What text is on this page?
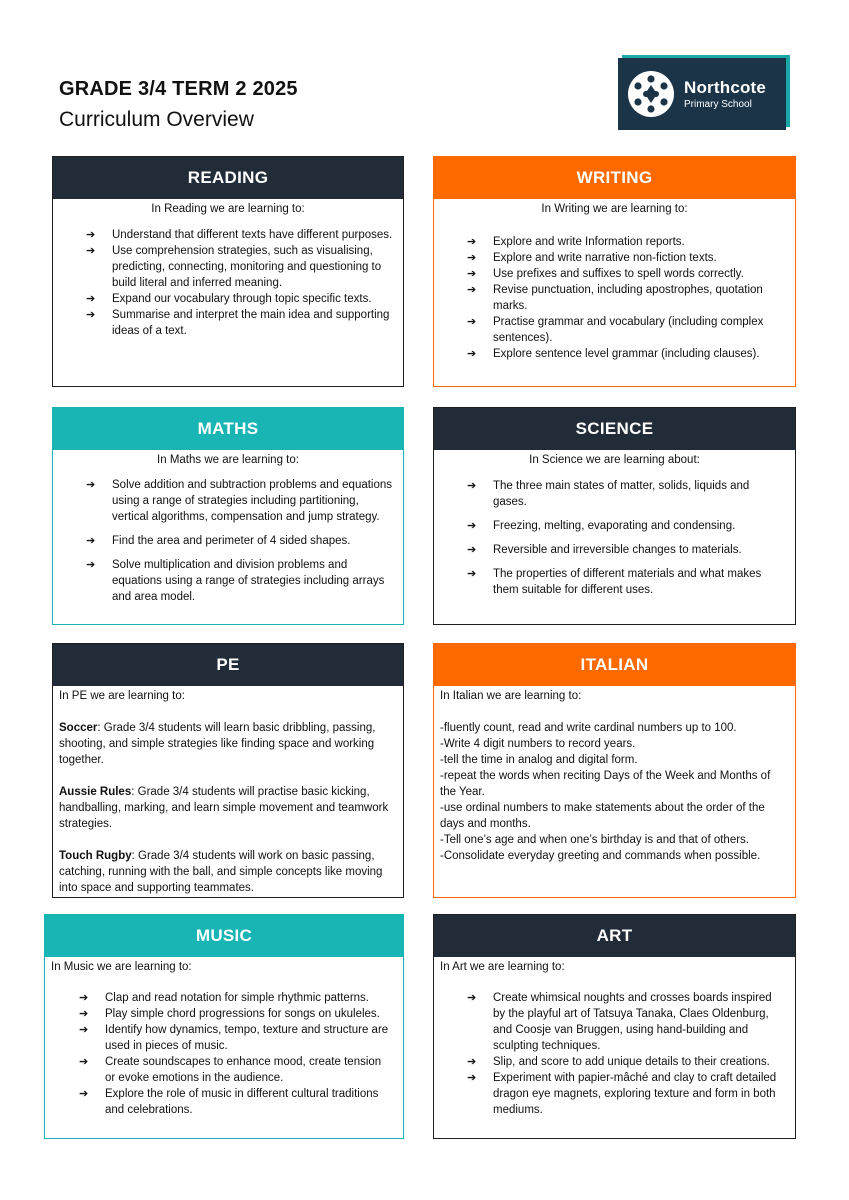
GRADE 3/4 TERM 2 2025
Curriculum Overview
Northcote
Primary School
READING
In Reading we are learning to:
➔ Understand that different texts have different purposes.
➔ Use comprehension strategies, such as visualising, predicting, connecting, monitoring and questioning to build literal and inferred meaning.
➔ Expand our vocabulary through topic specific texts.
➔ Summarise and interpret the main idea and supporting ideas of a text.
WRITING
In Writing we are learning to:
➔ Explore and write Information reports.
➔ Explore and write narrative non-fiction texts.
➔ Use prefixes and suffixes to spell words correctly.
➔ Revise punctuation, including apostrophes, quotation marks.
➔ Practise grammar and vocabulary (including complex sentences).
➔ Explore sentence level grammar (including clauses).
MATHS
In Maths we are learning to:
➔ Solve addition and subtraction problems and equations using a range of strategies including partitioning, vertical algorithms, compensation and jump strategy.
➔ Find the area and perimeter of 4 sided shapes.
➔ Solve multiplication and division problems and equations using a range of strategies including arrays and area model.
SCIENCE
In Science we are learning about:
➔ The three main states of matter, solids, liquids and gases.
➔ Freezing, melting, evaporating and condensing.
➔ Reversible and irreversible changes to materials.
➔ The properties of different materials and what makes them suitable for different uses.
PE

In PE we are learning to:

Soccer: Grade 3/4 students will learn basic dribbling, passing, shooting, and simple strategies like finding space and working together.

Aussie Rules: Grade 3/4 students will practise basic kicking, handballing, marking, and learn simple movement and teamwork strategies.

Touch Rugby: Grade 3/4 students will work on basic passing, catching, running with the ball, and simple concepts like moving into space and supporting teammates.

ITALIAN

In Italian we are learning to:

-fluently count, read and write cardinal numbers up to 100.

-Write 4 digit numbers to record years.

-tell the time in analog and digital form.

-repeat the words when reciting Days of the Week and Months of the Year.

-use ordinal numbers to make statements about the order of the days and months.

-Tell one’s age and when one’s birthday is and that of others.

-Consolidate everyday greeting and commands when possible.

MUSIC
In Music we are learning to:
➔ Clap and read notation for simple rhythmic patterns.
➔ Play simple chord progressions for songs on ukuleles.
➔ Identify how dynamics, tempo, texture and structure are used in pieces of music.
➔ Create soundscapes to enhance mood, create tension or evoke emotions in the audience.
➔ Explore the role of music in different cultural traditions and celebrations.
ART
In Art we are learning to:
➔ Create whimsical noughts and crosses boards inspired by the playful art of Tatsuya Tanaka, Claes Oldenburg, and Coosje van Bruggen, using hand-building and sculpting techniques.
➔ Slip, and score to add unique details to their creations.
➔ Experiment with papier-mâché and clay to craft detailed dragon eye magnets, exploring texture and form in both mediums.
